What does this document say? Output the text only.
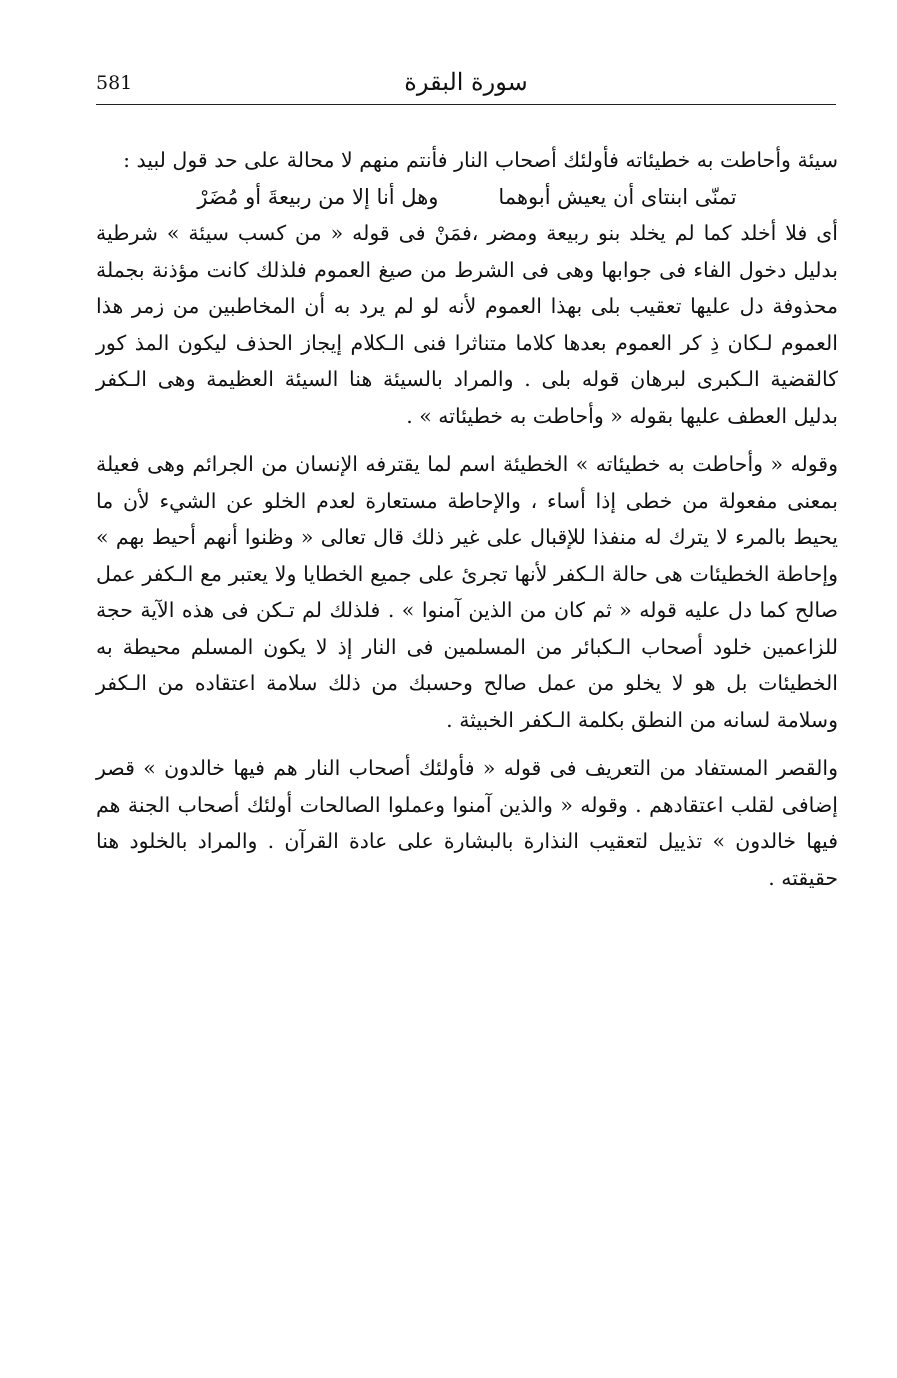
581	سورة البقرة

سيئة وأحاطت به خطيئاته فأولئك أصحاب النار فأنتم منهم لا محالة على حد قول لبيد :

تمنّى ابنتاى أن يعيش أبوهما
وهل أنا إلا من ربيعةَ أو مُضَرْ

أى فلا أخلد كما لم يخلد بنو ربيعة ومضر ،فمَنْ فى قوله « من كسب سيئة » شرطية بدليل دخول الفاء فى جوابها وهى فى الشرط من صيغ العموم فلذلك كانت مؤذنة بجملة محذوفة دل عليها تعقيب بلى بهذا العموم لأنه لو لم يرد به أن المخاطبين من زمر هذا العموم لـكان ذِ كر العموم بعدها كلاما متناثرا فنى الـكلام إيجاز الحذف ليكون المذ كور كالقضية الـكبرى لبرهان قوله بلى . والمراد بالسيئة هنا السيئة العظيمة وهى الـكفر بدليل العطف عليها بقوله « وأحاطت به خطيئاته » .

وقوله « وأحاطت به خطيئاته » الخطيئة اسم لما يقترفه الإنسان من الجرائم وهى فعيلة بمعنى مفعولة من خطى إذا أساء ، والإحاطة مستعارة لعدم الخلو عن الشيء لأن ما يحيط بالمرء لا يترك له منفذا للإقبال على غير ذلك قال تعالى « وظنوا أنهم أحيط بهم » وإحاطة الخطيئات هى حالة الـكفر لأنها تجرئ على جميع الخطايا ولا يعتبر مع الـكفر عمل صالح كما دل عليه قوله « ثم كان من الذين آمنوا » . فلذلك لم تـكن فى هذه الآية حجة للزاعمين خلود أصحاب الـكبائر من المسلمين فى النار إذ لا يكون المسلم محيطة به الخطيئات بل هو لا يخلو من عمل صالح وحسبك من ذلك سلامة اعتقاده من الـكفر وسلامة لسانه من النطق بكلمة الـكفر الخبيثة .

والقصر المستفاد من التعريف فى قوله « فأولئك أصحاب النار هم فيها خالدون » قصر إضافى لقلب اعتقادهم . وقوله « والذين آمنوا وعملوا الصالحات أولئك أصحاب الجنة هم فيها خالدون » تذييل لتعقيب النذارة بالبشارة على عادة القرآن . والمراد بالخلود هنا حقيقته .
